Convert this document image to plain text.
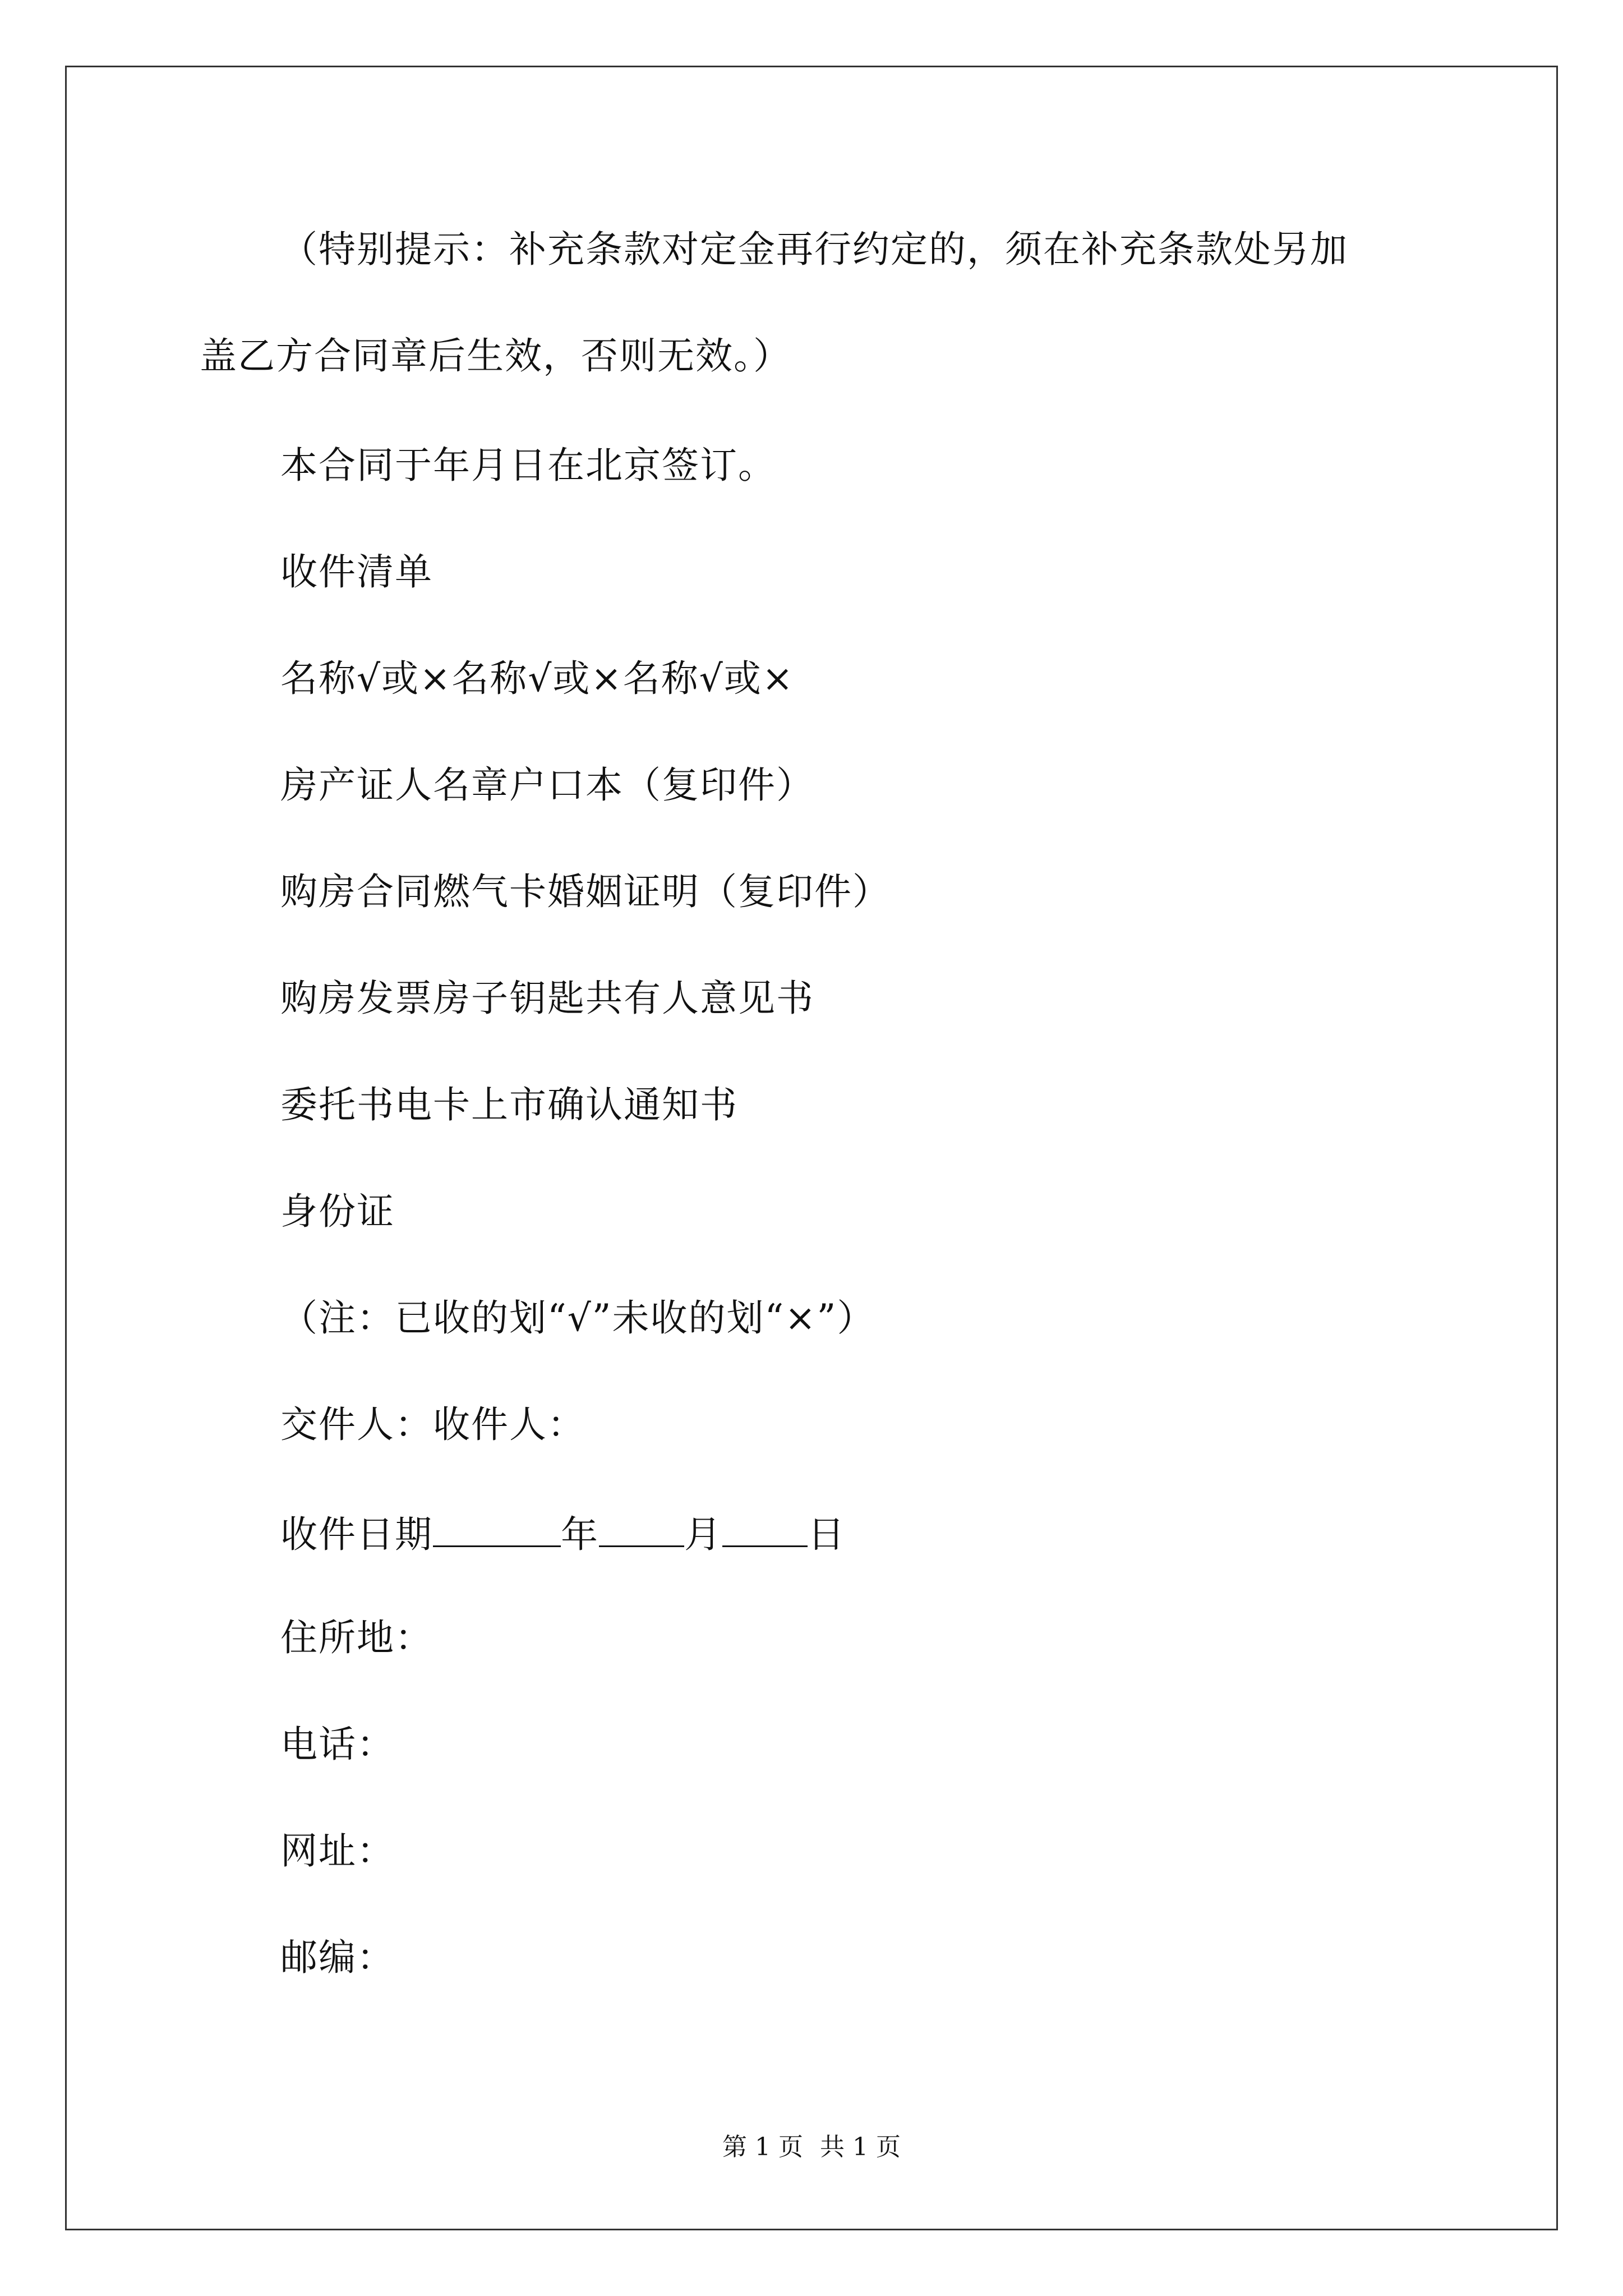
（特别提示：补充条款对定金再行约定的，须在补充条款处另加
盖乙方合同章后生效，否则无效。）
本合同于年月日在北京签订。
收件清单
名称√或×名称√或×名称√或×
房产证人名章户口本（复印件）
购房合同燃气卡婚姻证明（复印件）
购房发票房子钥匙共有人意见书
委托书电卡上市确认通知书
身份证
（注：已收的划“√”未收的划“×”）
交件人：收件人：
收件日期	年 月 日
住所地：
电话：
网址：
邮编：
第 1 页 共 1 页
